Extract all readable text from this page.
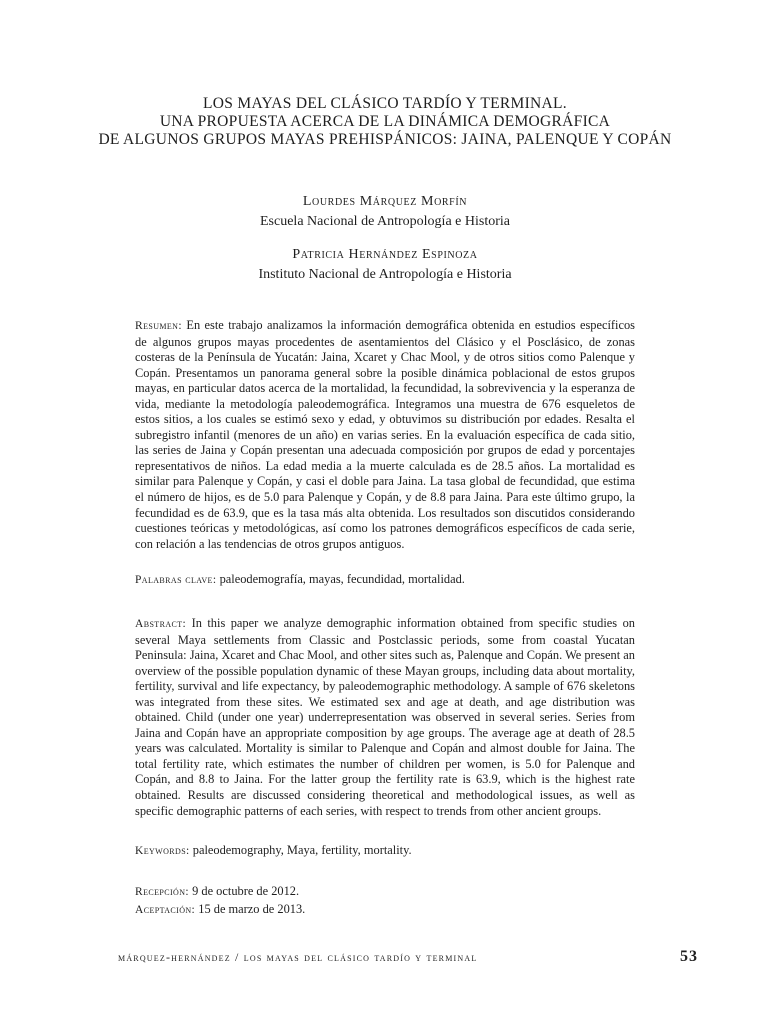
LOS MAYAS DEL CLÁSICO TARDÍO Y TERMINAL.
UNA PROPUESTA ACERCA DE LA DINÁMICA DEMOGRÁFICA
DE ALGUNOS GRUPOS MAYAS PREHISPÁNICOS: JAINA, PALENQUE Y COPÁN
Lourdes Márquez Morfín
Escuela Nacional de Antropología e Historia
Patricia Hernández Espinoza
Instituto Nacional de Antropología e Historia
Resumen: En este trabajo analizamos la información demográfica obtenida en estudios específicos de algunos grupos mayas procedentes de asentamientos del Clásico y el Posclásico, de zonas costeras de la Península de Yucatán: Jaina, Xcaret y Chac Mool, y de otros sitios como Palenque y Copán. Presentamos un panorama general sobre la posible dinámica poblacional de estos grupos mayas, en particular datos acerca de la mortalidad, la fecundidad, la sobrevivencia y la esperanza de vida, mediante la metodología paleodemográfica. Integramos una muestra de 676 esqueletos de estos sitios, a los cuales se estimó sexo y edad, y obtuvimos su distribución por edades. Resalta el subregistro infantil (menores de un año) en varias series. En la evaluación específica de cada sitio, las series de Jaina y Copán presentan una adecuada composición por grupos de edad y porcentajes representativos de niños. La edad media a la muerte calculada es de 28.5 años. La mortalidad es similar para Palenque y Copán, y casi el doble para Jaina. La tasa global de fecundidad, que estima el número de hijos, es de 5.0 para Palenque y Copán, y de 8.8 para Jaina. Para este último grupo, la fecundidad es de 63.9, que es la tasa más alta obtenida. Los resultados son discutidos considerando cuestiones teóricas y metodológicas, así como los patrones demográficos específicos de cada serie, con relación a las tendencias de otros grupos antiguos.
Palabras clave: paleodemografía, mayas, fecundidad, mortalidad.
Abstract: In this paper we analyze demographic information obtained from specific studies on several Maya settlements from Classic and Postclassic periods, some from coastal Yucatan Peninsula: Jaina, Xcaret and Chac Mool, and other sites such as, Palenque and Copán. We present an overview of the possible population dynamic of these Mayan groups, including data about mortality, fertility, survival and life expectancy, by paleodemographic methodology. A sample of 676 skeletons was integrated from these sites. We estimated sex and age at death, and age distribution was obtained. Child (under one year) underrepresentation was observed in several series. Series from Jaina and Copán have an appropriate composition by age groups. The average age at death of 28.5 years was calculated. Mortality is similar to Palenque and Copán and almost double for Jaina. The total fertility rate, which estimates the number of children per women, is 5.0 for Palenque and Copán, and 8.8 to Jaina. For the latter group the fertility rate is 63.9, which is the highest rate obtained. Results are discussed considering theoretical and methodological issues, as well as specific demographic patterns of each series, with respect to trends from other ancient groups.
Keywords: paleodemography, Maya, fertility, mortality.
Recepción: 9 de octubre de 2012.
Aceptación: 15 de marzo de 2013.
márquez-hernández / los mayas del clásico tardío y terminal	53
